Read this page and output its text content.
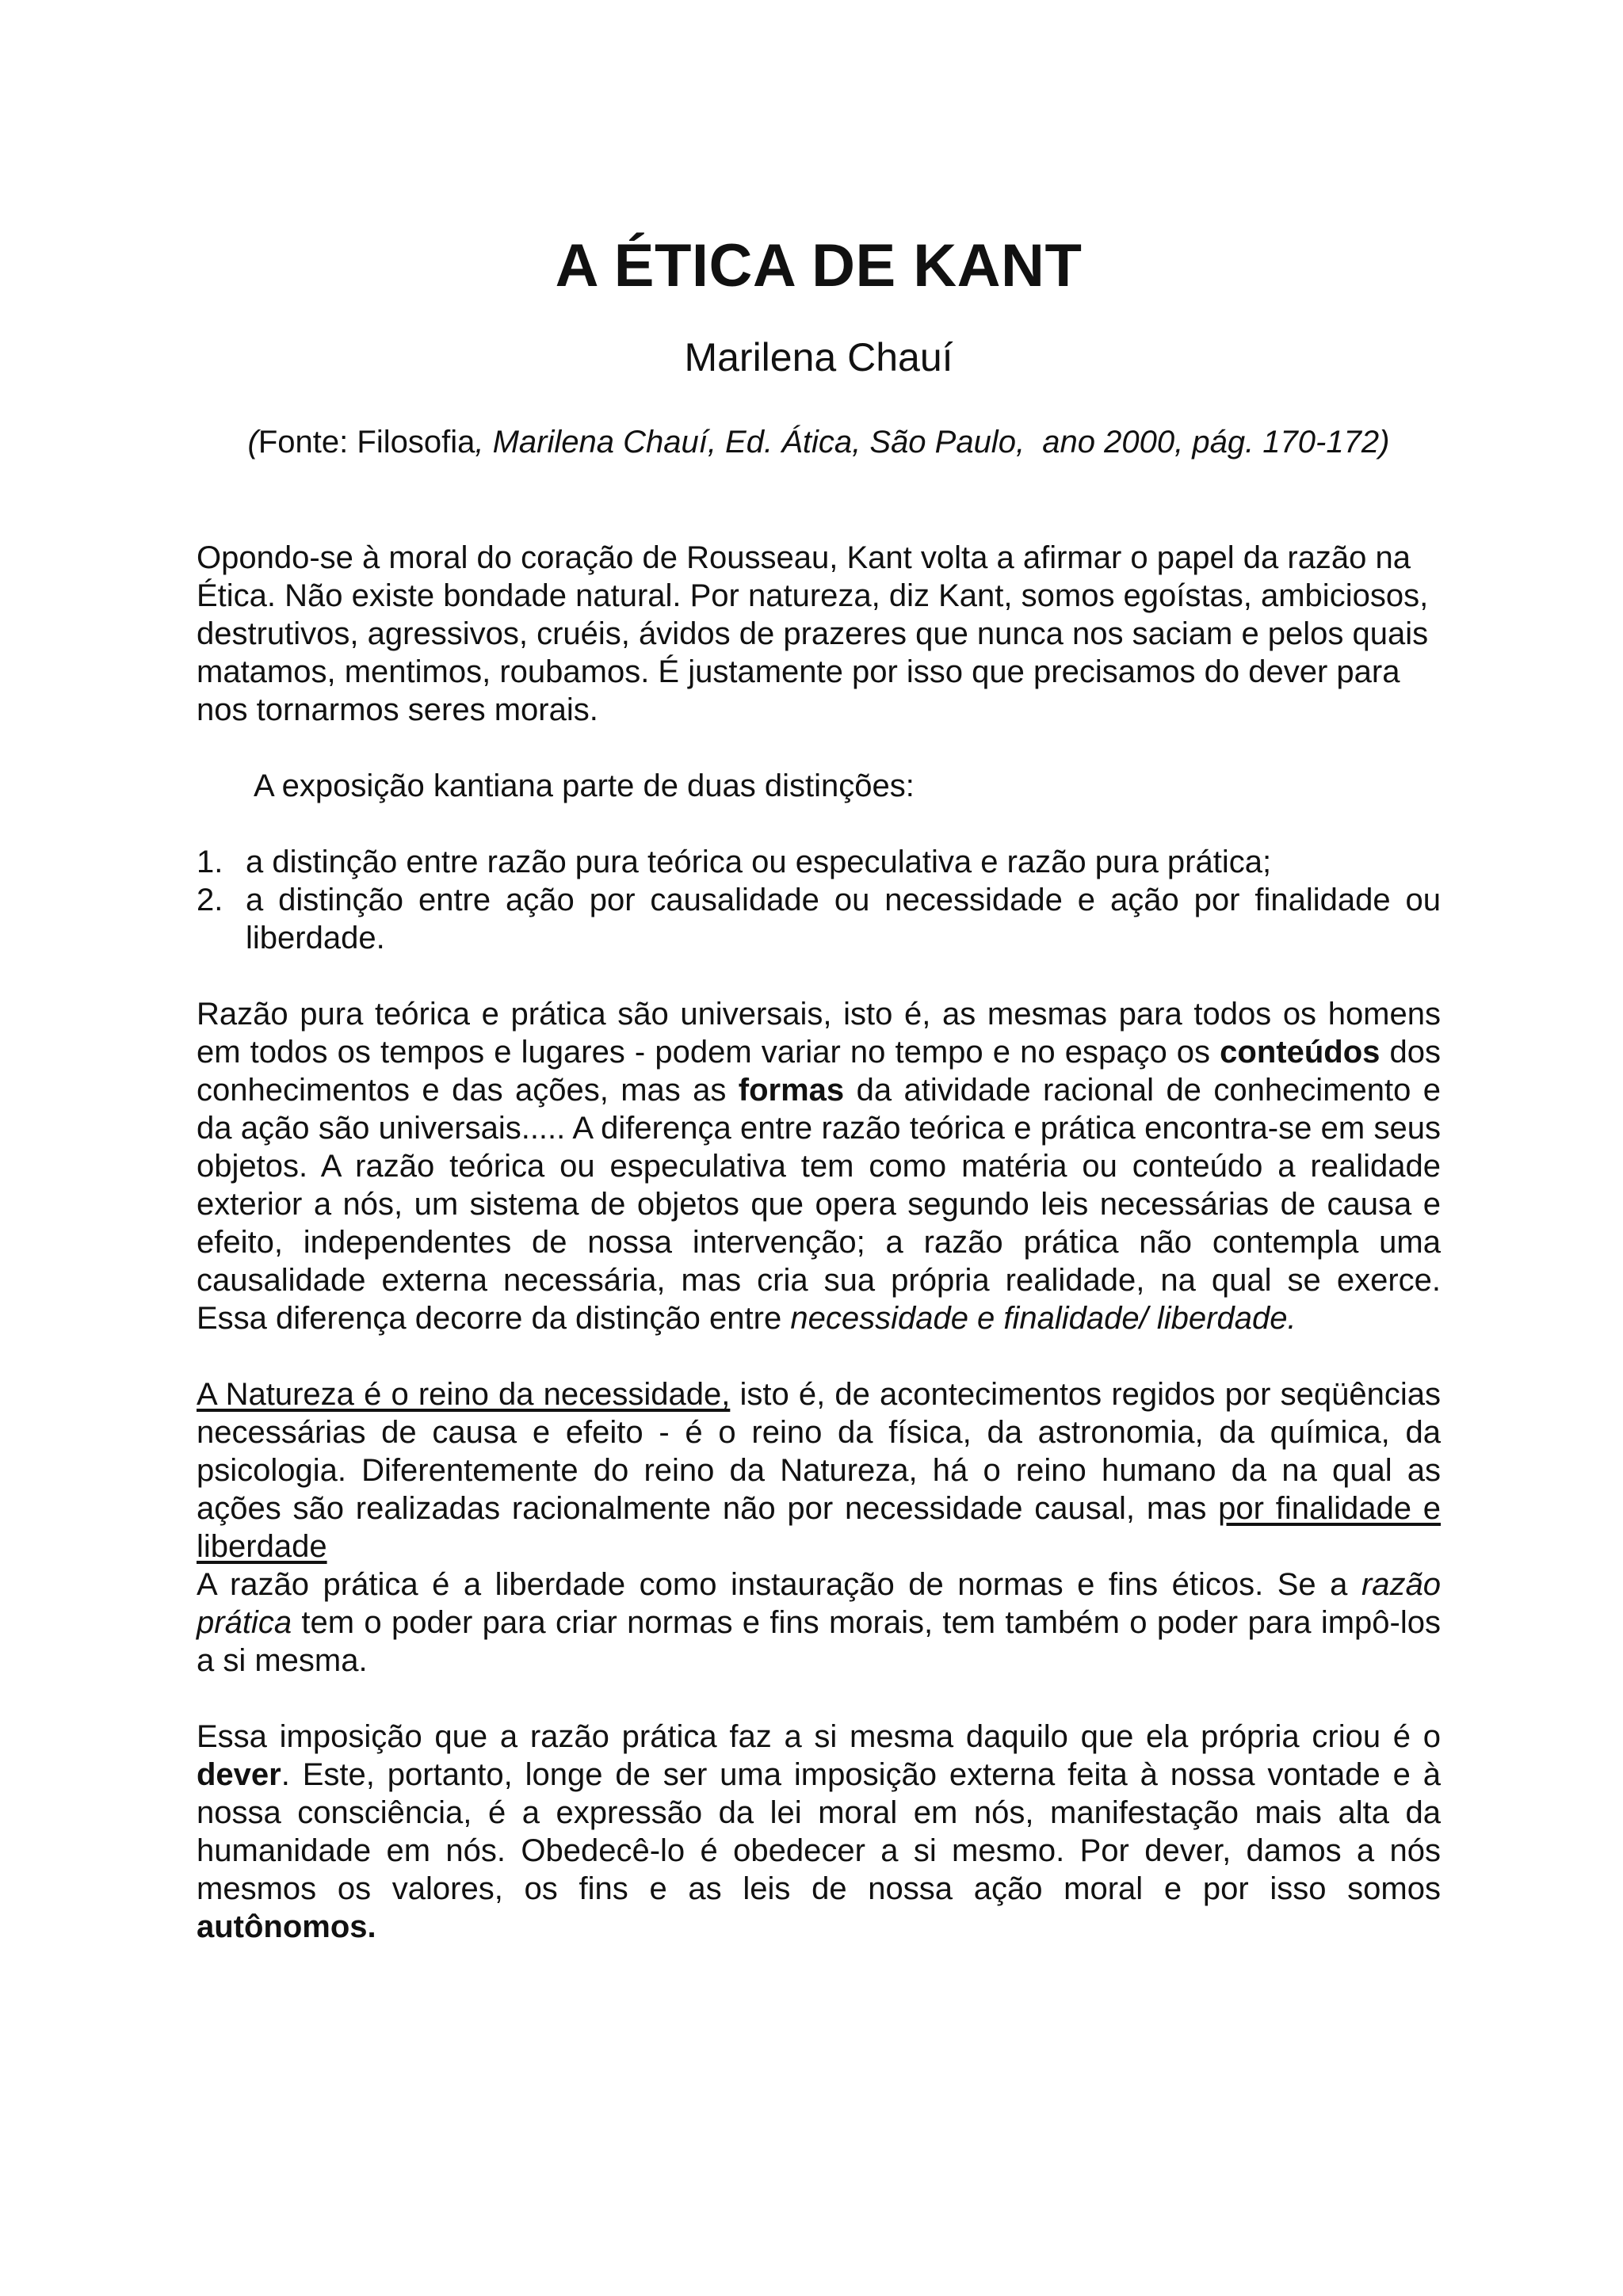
A ÉTICA DE KANT

Marilena Chauí

(Fonte: Filosofia, Marilena Chauí, Ed. Ática, São Paulo,  ano 2000, pág. 170-172)

Opondo-se à moral do coração de Rousseau, Kant volta a afirmar o papel da razão na Ética. Não existe bondade natural. Por natureza, diz Kant, somos egoístas, ambiciosos, destrutivos, agressivos, cruéis, ávidos de prazeres que nunca nos saciam e pelos quais matamos, mentimos, roubamos. É justamente por isso que precisamos do dever para nos tornarmos seres morais.

A exposição kantiana parte de duas distinções:

1. a distinção entre razão pura teórica ou especulativa e razão pura prática;
2. a distinção entre ação por causalidade ou necessidade e ação por finalidade ou liberdade.

Razão pura teórica e prática são universais, isto é, as mesmas para todos os homens em todos os tempos e lugares - podem variar no tempo e no espaço os conteúdos dos conhecimentos e das ações, mas as formas da atividade racional de conhecimento e da ação são universais..... A diferença entre razão teórica e prática encontra-se em seus objetos. A razão teórica ou especulativa tem como matéria ou conteúdo a realidade exterior a nós, um sistema de objetos que opera segundo leis necessárias de causa e efeito, independentes de nossa intervenção; a razão prática não contempla uma causalidade externa necessária, mas cria sua própria realidade, na qual se exerce. Essa diferença decorre da distinção entre necessidade e finalidade/ liberdade.

A Natureza é o reino da necessidade, isto é, de acontecimentos regidos por seqüências necessárias de causa e efeito - é o reino da física, da astronomia, da química, da psicologia. Diferentemente do reino da Natureza, há o reino humano da na qual as ações são realizadas racionalmente não por necessidade causal, mas por finalidade e liberdade

A razão prática é a liberdade como instauração de normas e fins éticos. Se a razão prática tem o poder para criar normas e fins morais, tem também o poder para impô-los a si mesma.

Essa imposição que a razão prática faz a si mesma daquilo que ela própria criou é o dever. Este, portanto, longe de ser uma imposição externa feita à nossa vontade e à nossa consciência, é a expressão da lei moral em nós, manifestação mais alta da humanidade em nós. Obedecê-lo é obedecer a si mesmo. Por dever, damos a nós mesmos os valores, os fins e as leis de nossa ação moral e por isso somos autônomos.
